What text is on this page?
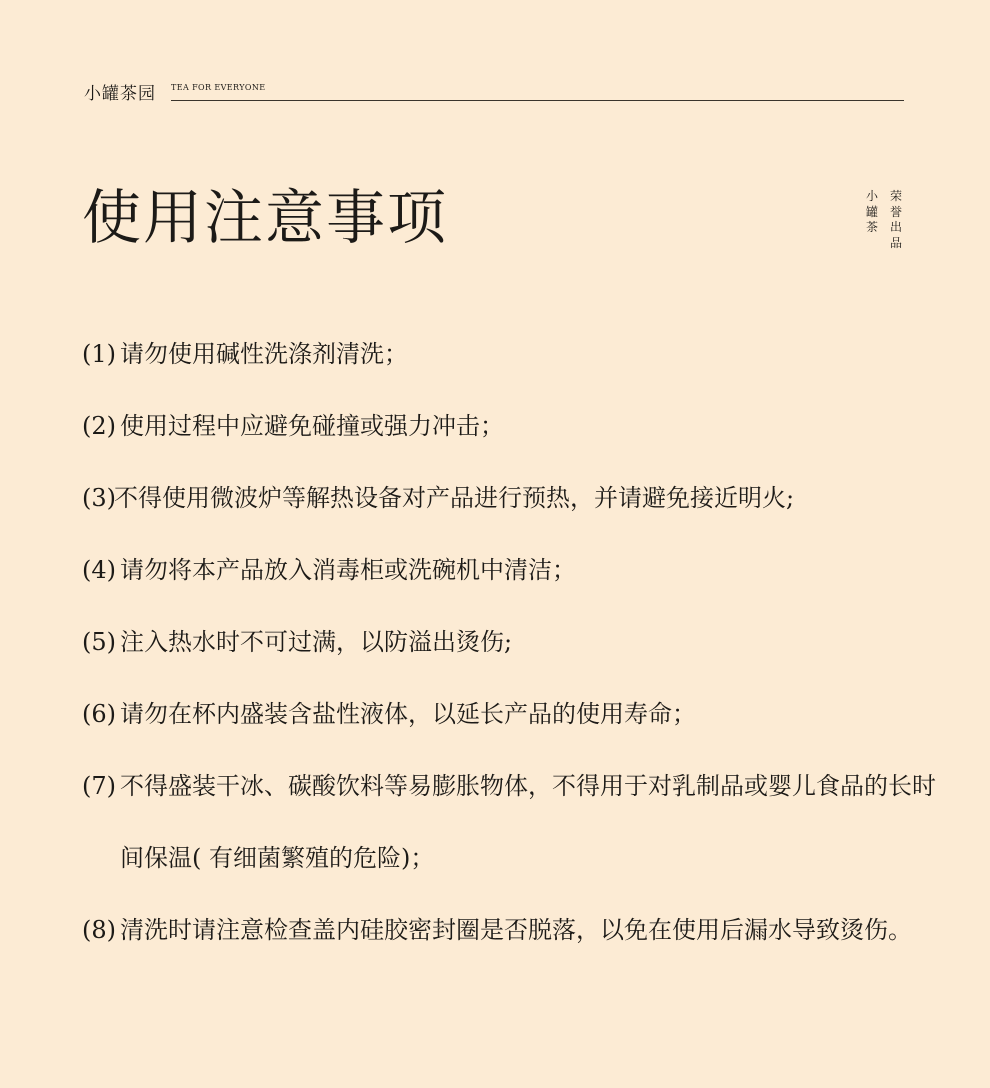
小罐茶园 TEA FOR EVERYONE
使用注意事项	小罐茶
荣誉出品
(1) 请勿使用碱性洗涤剂清洗；
(2) 使用过程中应避免碰撞或强力冲击；
(3)不得使用微波炉等解热设备对产品进行预热，并请避免接近明火;
(4) 请勿将本产品放入消毒柜或洗碗机中清洁；
(5) 注入热水时不可过满，以防溢出烫伤;
(6) 请勿在杯内盛装含盐性液体，以延长产品的使用寿命；
(7) 不得盛装干冰、碳酸饮料等易膨胀物体，不得用于对乳制品或婴儿食品的长时间保温( 有细菌繁殖的危险)；
(8) 清洗时请注意检查盖内硅胶密封圈是否脱落，以免在使用后漏水导致烫伤。
